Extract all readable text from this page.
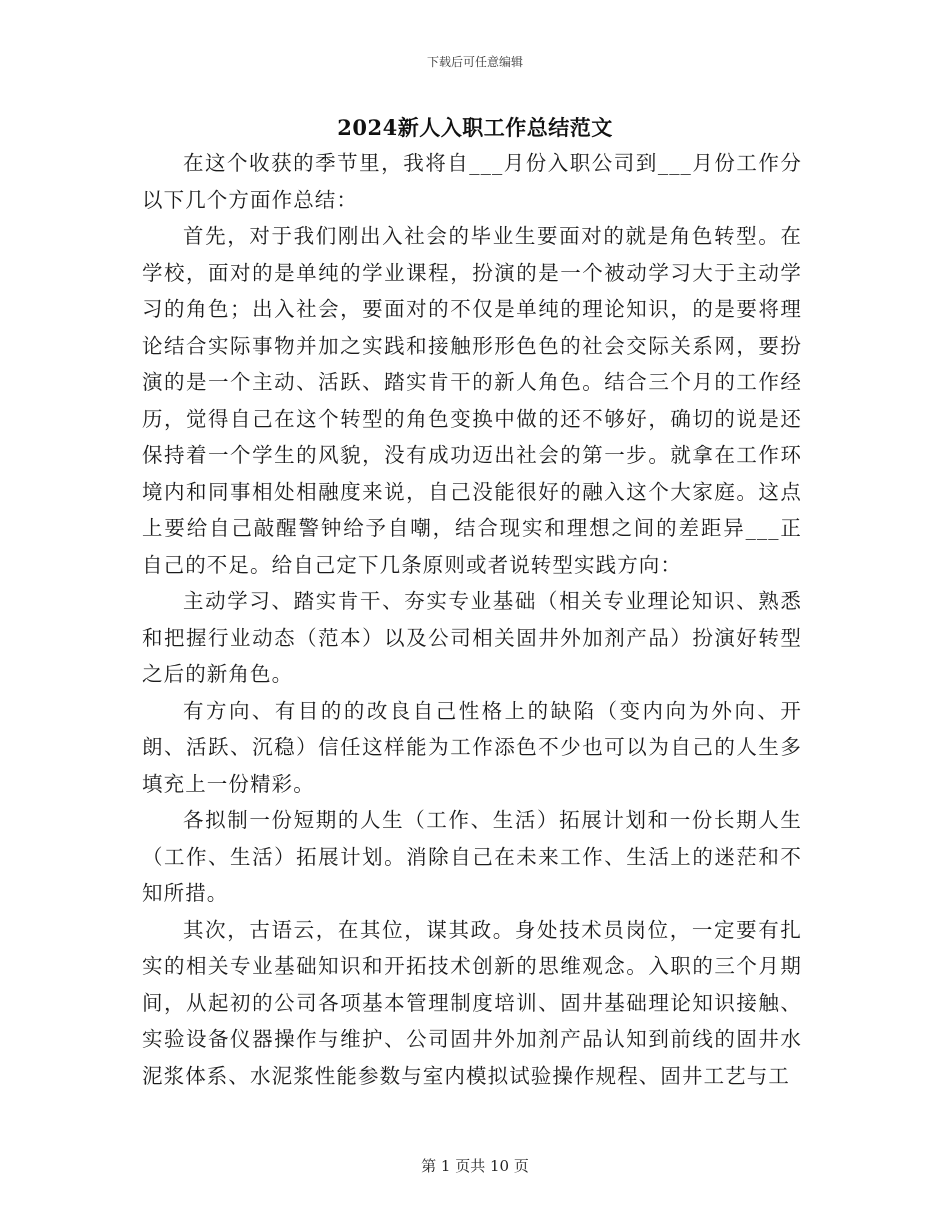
下载后可任意编辑
2024新人入职工作总结范文

在这个收获的季节里，我将自___月份入职公司到___月份工作分以下几个方面作总结：

首先，对于我们刚出入社会的毕业生要面对的就是角色转型。在学校，面对的是单纯的学业课程，扮演的是一个被动学习大于主动学习的角色；出入社会，要面对的不仅是单纯的理论知识，的是要将理论结合实际事物并加之实践和接触形形色色的社会交际关系网，要扮演的是一个主动、活跃、踏实肯干的新人角色。结合三个月的工作经历，觉得自己在这个转型的角色变换中做的还不够好，确切的说是还保持着一个学生的风貌，没有成功迈出社会的第一步。就拿在工作环境内和同事相处相融度来说，自己没能很好的融入这个大家庭。这点上要给自己敲醒警钟给予自嘲，结合现实和理想之间的差距异___正自己的不足。给自己定下几条原则或者说转型实践方向：

主动学习、踏实肯干、夯实专业基础（相关专业理论知识、熟悉和把握行业动态（范本）以及公司相关固井外加剂产品）扮演好转型之后的新角色。

有方向、有目的的改良自己性格上的缺陷（变内向为外向、开朗、活跃、沉稳）信任这样能为工作添色不少也可以为自己的人生多填充上一份精彩。

各拟制一份短期的人生（工作、生活）拓展计划和一份长期人生（工作、生活）拓展计划。消除自己在未来工作、生活上的迷茫和不知所措。

其次，古语云，在其位，谋其政。身处技术员岗位，一定要有扎实的相关专业基础知识和开拓技术创新的思维观念。入职的三个月期间，从起初的公司各项基本管理制度培训、固井基础理论知识接触、实验设备仪器操作与维护、公司固井外加剂产品认知到前线的固井水泥浆体系、水泥浆性能参数与室内模拟试验操作规程、固井工艺与工

第 1 页共 10 页
